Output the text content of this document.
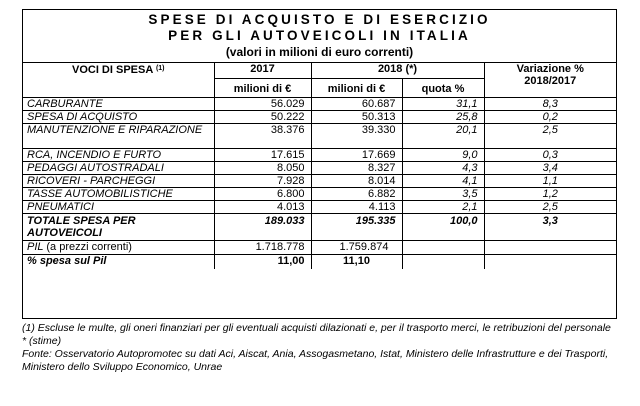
SPESE DI ACQUISTO E DI ESERCIZIO
PER GLI AUTOVEICOLI IN ITALIA
(valori in milioni di euro correnti)
VOCI DI SPESA $^{(1)}$	2017	2018 (*)		Variazione %
2018/2017

	milioni di €	milioni di €	quota %	
CARBURANTE	56.029	60.687	31,1	8,3
SPESA DI ACQUISTO	50.222	50.313	25,8	0,2
MANUTENZIONE E RIPARAZIONE	38.376	39.330	20,1	2,5
RCA, INCENDIO E FURTO	17.615	17.669	9,0	0,3
PEDAGGI AUTOSTRADALI	8.050	8.327	4,3	3,4
RICOVERI - PARCHEGGI	7.928	8.014	4,1	1,1
TASSE AUTOMOBILISTICHE	6.800	6.882	3,5	1,2
PNEUMATICI	4.013	4.113	2,1	2,5
TOTALE SPESA PER AUTOVEICOLI	189.033	195.335	100,0	3,3
PIL (a prezzi correnti)	1.718.778	1.759.874		
% spesa sul Pil	11,00	11,10		

(1) Escluse le multe, gli oneri finanziari per gli eventuali acquisti dilazionati e, per il trasporto merci, le retribuzioni del personale

* (stime)

Fonte: Osservatorio Autopromotec su dati Aci, Aiscat, Ania, Assogasmetano, Istat, Ministero delle Infrastrutture e dei Trasporti, Ministero dello Sviluppo Economico, Unrae
